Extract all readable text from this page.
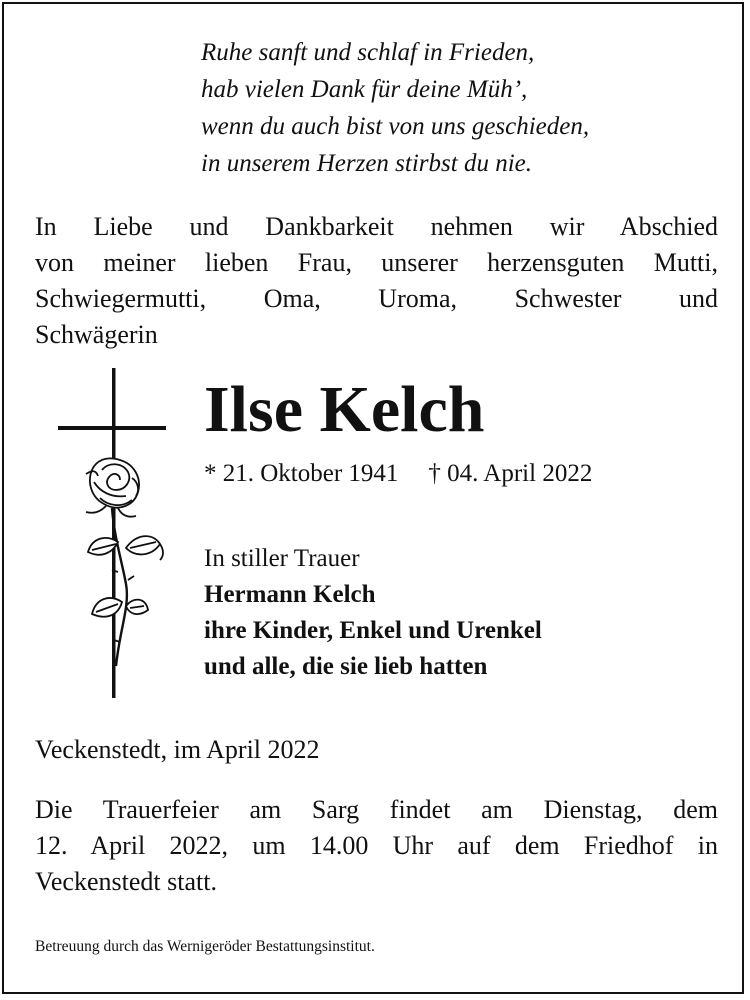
Ruhe sanft und schlaf in Frieden,
hab vielen Dank für deine Müh’,
wenn du auch bist von uns geschieden,
in unserem Herzen stirbst du nie.
In Liebe und Dankbarkeit nehmen wir Abschied
von meiner lieben Frau, unserer herzensguten Mutti,
Schwiegermutti, Oma, Uroma, Schwester und
Schwägerin
Ilse Kelch
* 21. Oktober 1941 † 04. April 2022
In stiller Trauer
Hermann Kelch
ihre Kinder, Enkel und Urenkel
und alle, die sie lieb hatten
Veckenstedt, im April 2022
Die Trauerfeier am Sarg findet am Dienstag, dem
12. April 2022, um 14.00 Uhr auf dem Friedhof in
Veckenstedt statt.
Betreuung durch das Wernigeröder Bestattungsinstitut.
